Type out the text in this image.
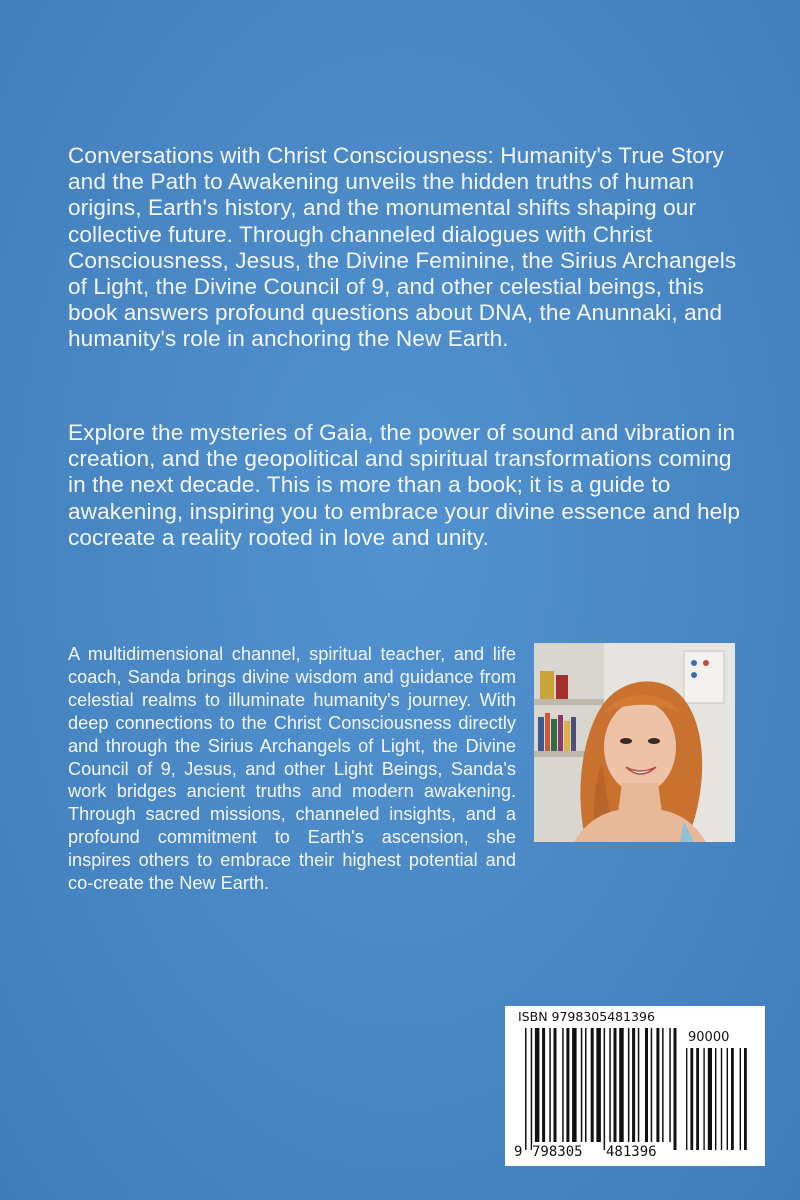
Conversations with Christ Consciousness: Humanity's True Story and the Path to Awakening unveils the hidden truths of human origins, Earth's history, and the monumental shifts shaping our collective future. Through channeled dialogues with Christ Consciousness, Jesus, the Divine Feminine, the Sirius Archangels of Light, the Divine Council of 9, and other celestial beings, this book answers profound questions about DNA, the Anunnaki, and humanity's role in anchoring the New Earth.
Explore the mysteries of Gaia, the power of sound and vibration in creation, and the geopolitical and spiritual transformations coming in the next decade. This is more than a book; it is a guide to awakening, inspiring you to embrace your divine essence and help cocreate a reality rooted in love and unity.
A multidimensional channel, spiritual teacher, and life coach, Sanda brings divine wisdom and guidance from celestial realms to illuminate humanity's journey. With deep connections to the Christ Consciousness directly and through the Sirius Archangels of Light, the Divine Council of 9, Jesus, and other Light Beings, Sanda's work bridges ancient truths and modern awakening. Through sacred missions, channeled insights, and a profound commitment to Earth's ascension, she inspires others to embrace their highest potential and co-create the New Earth.
ISBN 9798305481396
90000
9 798305 481396
